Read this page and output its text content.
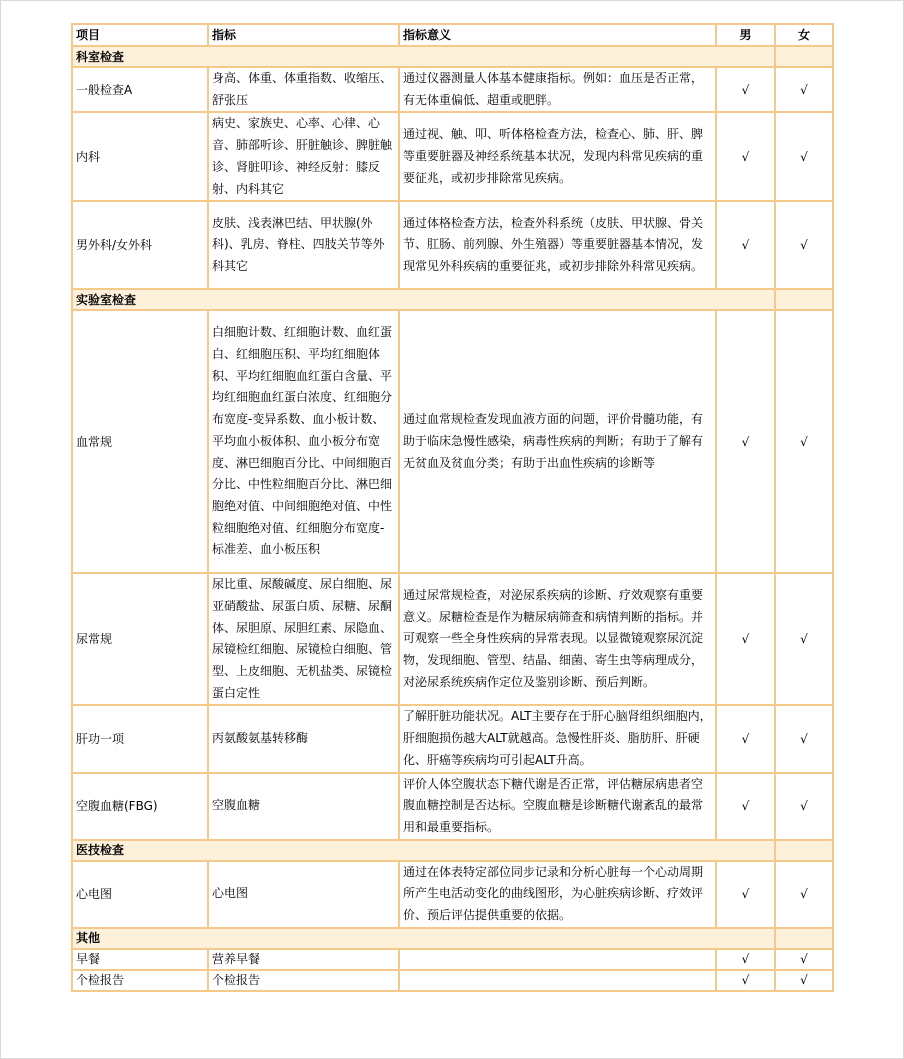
项目	指标	指标意义	男	女
科室检查				
一般检查A	身高、体重、体重指数、收缩压、舒张压	通过仪器测量人体基本健康指标。例如：血压是否正常，有无体重偏低、超重或肥胖。	√	√
内科	病史、家族史、心率、心律、心音、肺部听诊、肝脏触诊、脾脏触诊、肾脏叩诊、神经反射：膝反射、内科其它	通过视、触、叩、听体格检查方法，检查心、肺、肝、脾等重要脏器及神经系统基本状况，发现内科常见疾病的重要征兆，或初步排除常见疾病。	√	√
男外科/女外科	皮肤、浅表淋巴结、甲状腺(外科)、乳房、脊柱、四肢关节等外科其它	通过体格检查方法，检查外科系统（皮肤、甲状腺、骨关节、肛肠、前列腺、外生殖器）等重要脏器基本情况，发现常见外科疾病的重要征兆，或初步排除外科常见疾病。	√	√
实验室检查				
血常规	白细胞计数、红细胞计数、血红蛋白、红细胞压积、平均红细胞体积、平均红细胞血红蛋白含量、平均红细胞血红蛋白浓度、红细胞分布宽度-变异系数、血小板计数、平均血小板体积、血小板分布宽度、淋巴细胞百分比、中间细胞百分比、中性粒细胞百分比、淋巴细胞绝对值、中间细胞绝对值、中性粒细胞绝对值、红细胞分布宽度-标准差、血小板压积	通过血常规检查发现血液方面的问题，评价骨髓功能，有助于临床急慢性感染，病毒性疾病的判断；有助于了解有无贫血及贫血分类；有助于出血性疾病的诊断等	√	√
尿常规	尿比重、尿酸碱度、尿白细胞、尿亚硝酸盐、尿蛋白质、尿糖、尿酮体、尿胆原、尿胆红素、尿隐血、尿镜检红细胞、尿镜检白细胞、管型、上皮细胞、无机盐类、尿镜检蛋白定性	通过尿常规检查，对泌尿系疾病的诊断、疗效观察有重要意义。尿糖检查是作为糖尿病筛查和病情判断的指标。并可观察一些全身性疾病的异常表现。以显微镜观察尿沉淀物，发现细胞、管型、结晶、细菌、寄生虫等病理成分，对泌尿系统疾病作定位及鉴别诊断、预后判断。	√	√
肝功一项	丙氨酸氨基转移酶	了解肝脏功能状况。ALT主要存在于肝心脑肾组织细胞内，肝细胞损伤越大ALT就越高。急慢性肝炎、脂肪肝、肝硬化、肝癌等疾病均可引起ALT升高。	√	√
空腹血糖(FBG)	空腹血糖	评价人体空腹状态下糖代谢是否正常，评估糖尿病患者空腹血糖控制是否达标。空腹血糖是诊断糖代谢紊乱的最常用和最重要指标。	√	√
医技检查				
心电图	心电图	通过在体表特定部位同步记录和分析心脏每一个心动周期所产生电活动变化的曲线图形，为心脏疾病诊断、疗效评价、预后评估提供重要的依据。	√	√
其他				
早餐	营养早餐		√	√
个检报告	个检报告		√	√
